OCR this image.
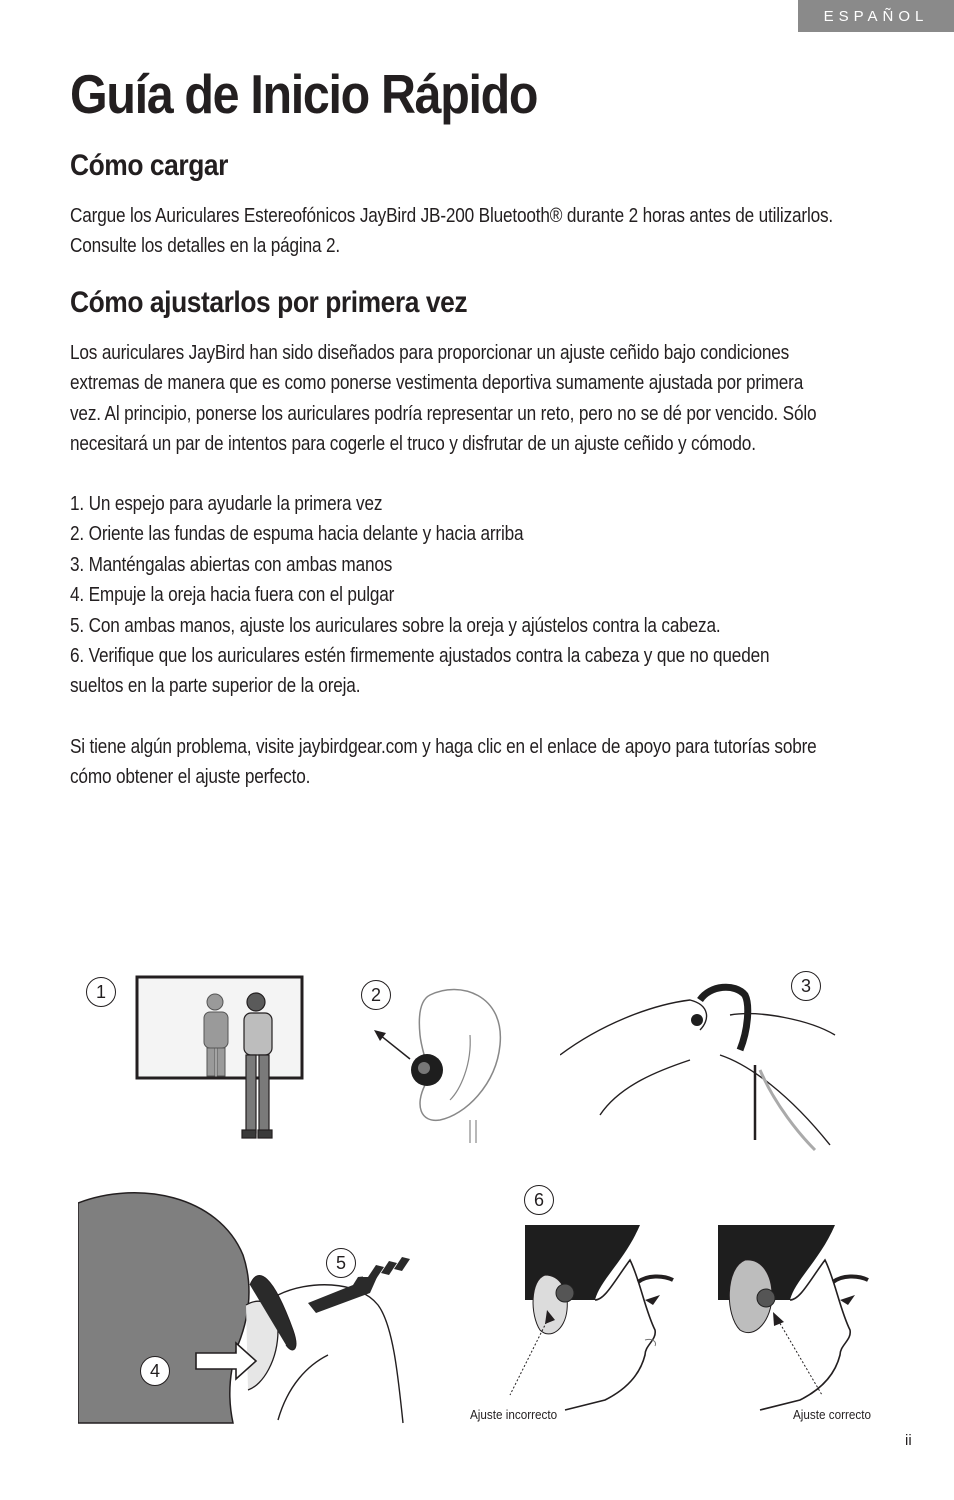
ESPAÑOL
Guía de Inicio Rápido
Cómo cargar
Cargue los Auriculares Estereofónicos JayBird JB-200 Bluetooth® durante 2 horas antes de utilizarlos.
Consulte los detalles en la página 2.
Cómo ajustarlos por primera vez
Los auriculares JayBird han sido diseñados para proporcionar un ajuste ceñido bajo condiciones
extremas de manera que es como ponerse vestimenta deportiva sumamente ajustada por primera
vez. Al principio, ponerse los auriculares podría representar un reto, pero no se dé por vencido. Sólo
necesitará un par de intentos para cogerle el truco y disfrutar de un ajuste ceñido y cómodo.
1. Un espejo para ayudarle la primera vez
2. Oriente las fundas de espuma hacia delante y hacia arriba
3. Manténgalas abiertas con ambas manos
4. Empuje la oreja hacia fuera con el pulgar
5. Con ambas manos, ajuste los auriculares sobre la oreja y ajústelos contra la cabeza.
6. Verifique que los auriculares estén firmemente ajustados contra la cabeza y que no queden
sueltos en la parte superior de la oreja.
Si tiene algún problema, visite jaybirdgear.com y haga clic en el enlace de apoyo para tutorías sobre
cómo obtener el ajuste perfecto.
1	2	3
5
4
6
Ajuste incorrecto	Ajuste correcto
ii
